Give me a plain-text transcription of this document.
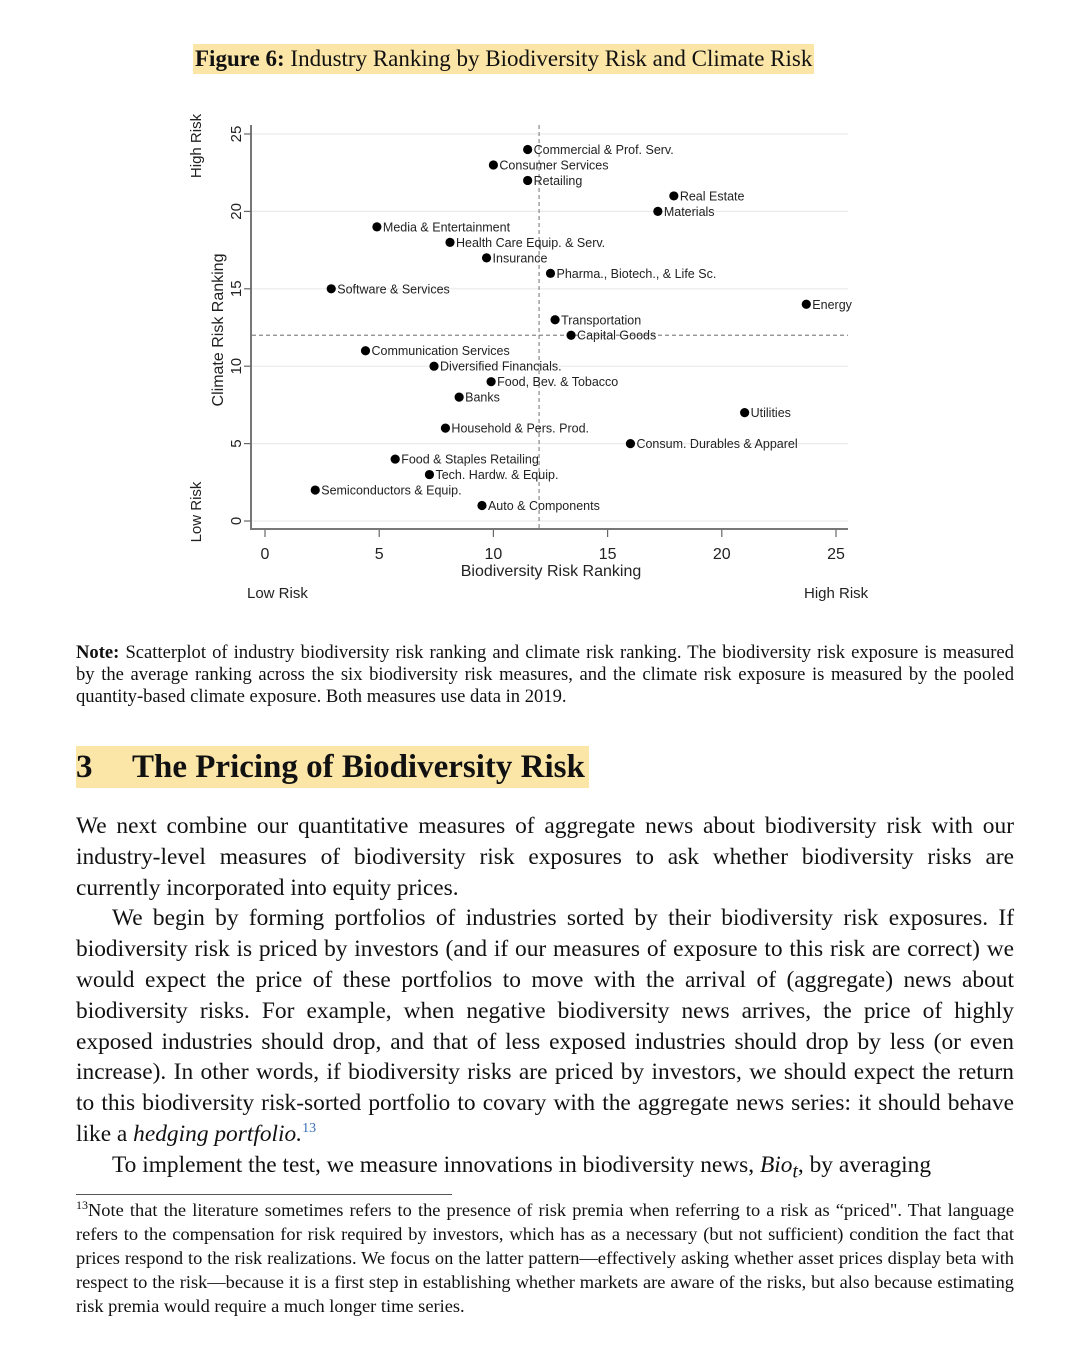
Figure 6: Industry Ranking by Biodiversity Risk and Climate Risk
0
5
10
15
20
25
0	5	10	15	20	25
Commercial & Prof. Serv.
Consumer Services
Retailing
Real Estate
Materials
Media & Entertainment
Health Care Equip. & Serv.
Insurance
Pharma., Biotech., & Life Sc.
Software & Services
Energy
Transportation
Capital Goods
Communication Services
Diversified Financials.
Food, Bev. & Tobacco
Banks
Utilities
Household & Pers. Prod.
Consum. Durables & Apparel
Food & Staples Retailing
Tech. Hardw. & Equip.
Semiconductors & Equip.
Auto & Components
Biodiversity Risk Ranking
Climate Risk Ranking
Low Risk	High Risk
High Risk
Low Risk
Note: Scatterplot of industry biodiversity risk ranking and climate risk ranking. The biodiversity risk exposure is measured by the average ranking across the six biodiversity risk measures, and the climate risk exposure is measured by the pooled quantity-based climate exposure. Both measures use data in 2019.
3 The Pricing of Biodiversity Risk

We next combine our quantitative measures of aggregate news about biodiversity risk with our industry-level measures of biodiversity risk exposures to ask whether biodiversity risks are currently incorporated into equity prices.

We begin by forming portfolios of industries sorted by their biodiversity risk exposures. If biodiversity risk is priced by investors (and if our measures of exposure to this risk are correct) we would expect the price of these portfolios to move with the arrival of (aggregate) news about biodiversity risks. For example, when negative biodiversity news arrives, the price of highly exposed industries should drop, and that of less exposed industries should drop by less (or even increase). In other words, if biodiversity risks are priced by investors, we should expect the return to this biodiversity risk-sorted portfolio to covary with the aggregate news series: it should behave like a hedging portfolio.$^{13}$

To implement the test, we measure innovations in biodiversity news, Bio$_t$, by averaging

$^{13}$Note that the literature sometimes refers to the presence of risk premia when referring to a risk as “priced". That language refers to the compensation for risk required by investors, which has as a necessary (but not sufficient) condition the fact that prices respond to the risk realizations. We focus on the latter pattern—effectively asking whether asset prices display beta with respect to the risk—because it is a first step in establishing whether markets are aware of the risks, but also because estimating risk premia would require a much longer time series.
